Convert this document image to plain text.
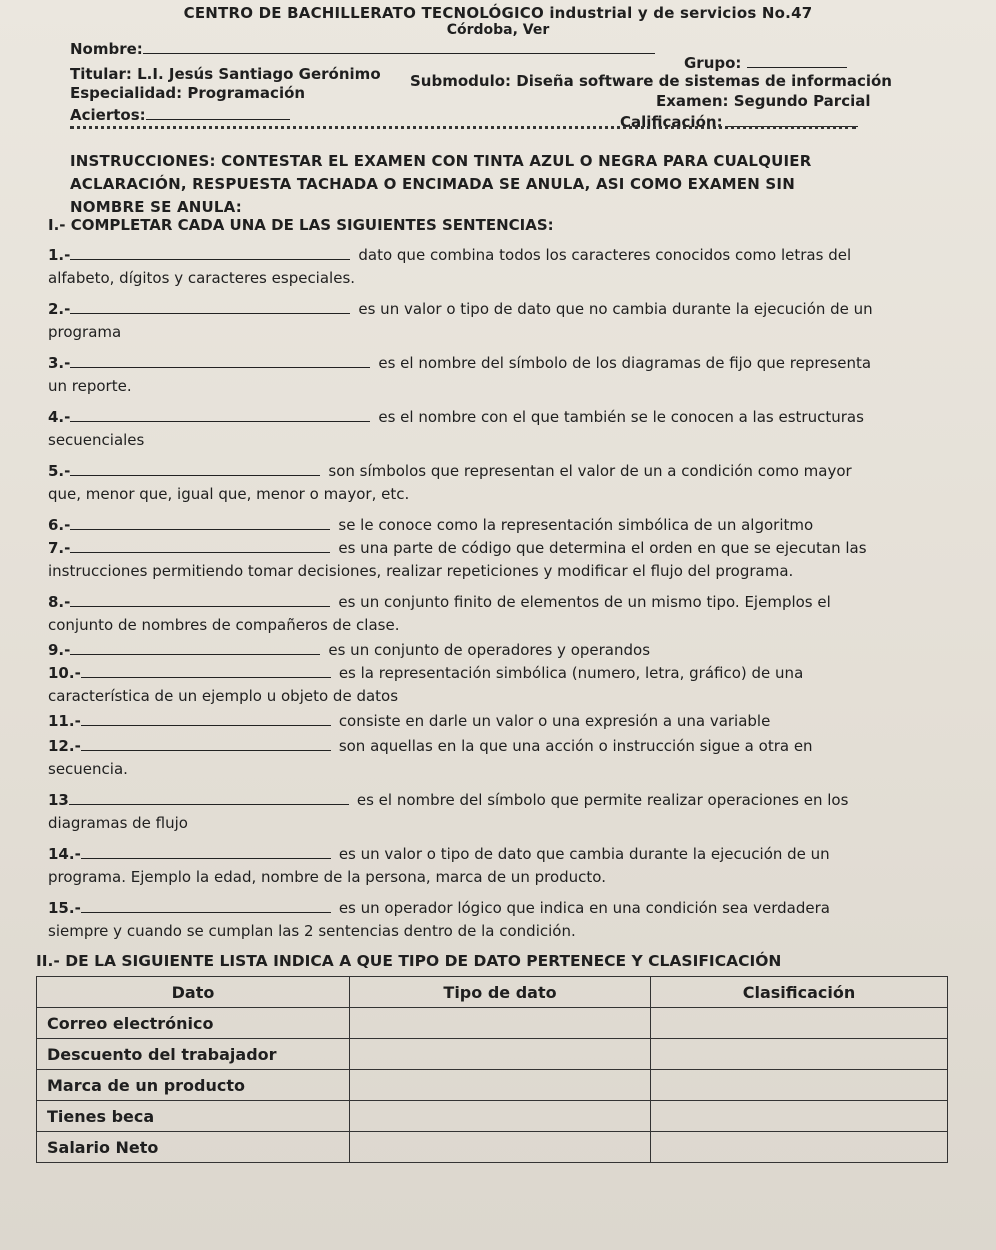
CENTRO DE BACHILLERATO TECNOLÓGICO industrial y de servicios No.47
Córdoba, Ver
Nombre:
Grupo:
Titular: L.I. Jesús Santiago Gerónimo Submodulo: Diseña software de sistemas de información
Especialidad: Programación	Examen: Segundo Parcial
Aciertos:	Calificación:
INSTRUCCIONES: CONTESTAR EL EXAMEN CON TINTA AZUL O NEGRA PARA CUALQUIER ACLARACIÓN, RESPUESTA TACHADA O ENCIMADA SE ANULA, ASI COMO EXAMEN SIN NOMBRE SE ANULA:
I.- COMPLETAR CADA UNA DE LAS SIGUIENTES SENTENCIAS:

1.-	dato que combina todos los caracteres conocidos como letras del alfabeto, dígitos y caracteres especiales.

2.-	es un valor o tipo de dato que no cambia durante la ejecución de un programa

3.-	es el nombre del símbolo de los diagramas de fijo que representa un reporte.

4.-	es el nombre con el que también se le conocen a las estructuras secuenciales

5.-	son símbolos que representan el valor de un a condición como mayor que, menor que, igual que, menor o mayor, etc.

6.-	se le conoce como la representación simbólica de un algoritmo

7.-	es una parte de código que determina el orden en que se ejecutan las instrucciones permitiendo tomar decisiones, realizar repeticiones y modificar el flujo del programa.

8.-	es un conjunto finito de elementos de un mismo tipo. Ejemplos el conjunto de nombres de compañeros de clase.

9.-	es un conjunto de operadores y operandos

10.-	es la representación simbólica (numero, letra, gráfico) de una característica de un ejemplo u objeto de datos

11.-	consiste en darle un valor o una expresión a una variable

12.-	son aquellas en la que una acción o instrucción sigue a otra en secuencia.

13	es el nombre del símbolo que permite realizar operaciones en los diagramas de flujo

14.-	es un valor o tipo de dato que cambia durante la ejecución de un programa. Ejemplo la edad, nombre de la persona, marca de un producto.

15.-	es un operador lógico que indica en una condición sea verdadera siempre y cuando se cumplan las 2 sentencias dentro de la condición.

II.- DE LA SIGUIENTE LISTA INDICA A QUE TIPO DE DATO PERTENECE Y CLASIFICACIÓN
Dato	Tipo de dato	Clasificación
Correo electrónico		
Descuento del trabajador		
Marca de un producto		
Tienes beca		
Salario Neto		
